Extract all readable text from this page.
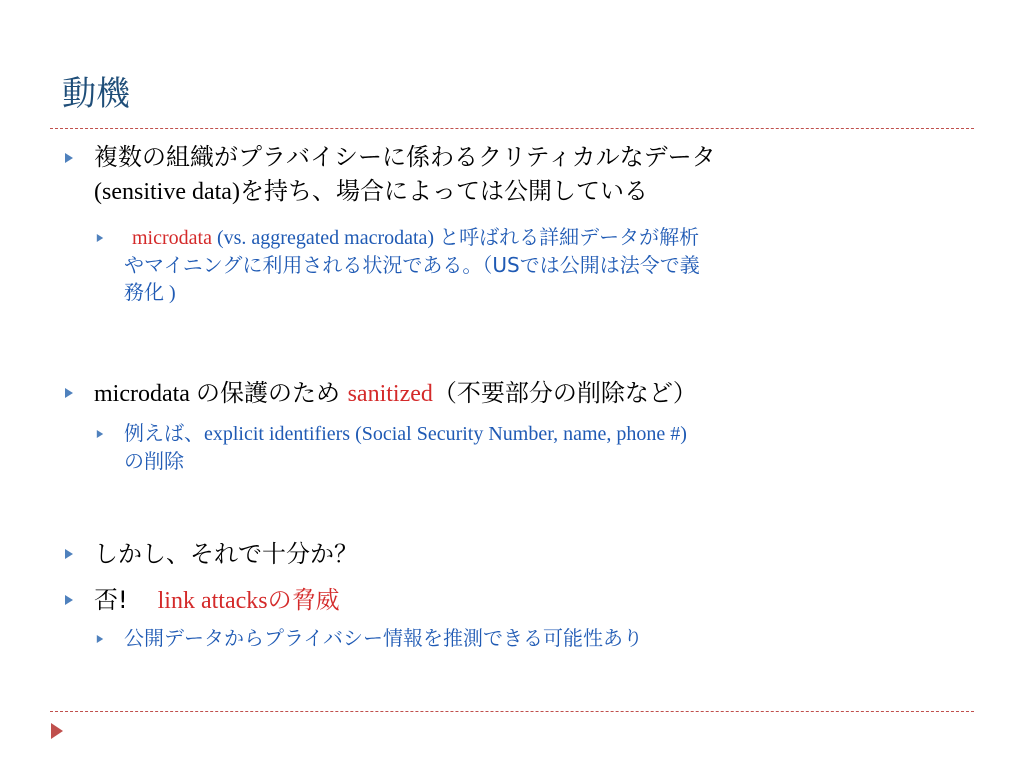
動機
複数の組織がプラバイシーに係わるクリティカルなデータ
(sensitive data)を持ち、場合によっては公開している
microdata (vs. aggregated macrodata) と呼ばれる詳細データが解析
やマイニングに利用される状況である。（USでは公開は法令で義
務化 )
microdata の保護のため sanitized（不要部分の削除など）
例えば、explicit identifiers (Social Security Number, name, phone #)
の削除
しかし、それで十分か？
否! link attacksの脅威
公開データからプライバシー情報を推測できる可能性あり
